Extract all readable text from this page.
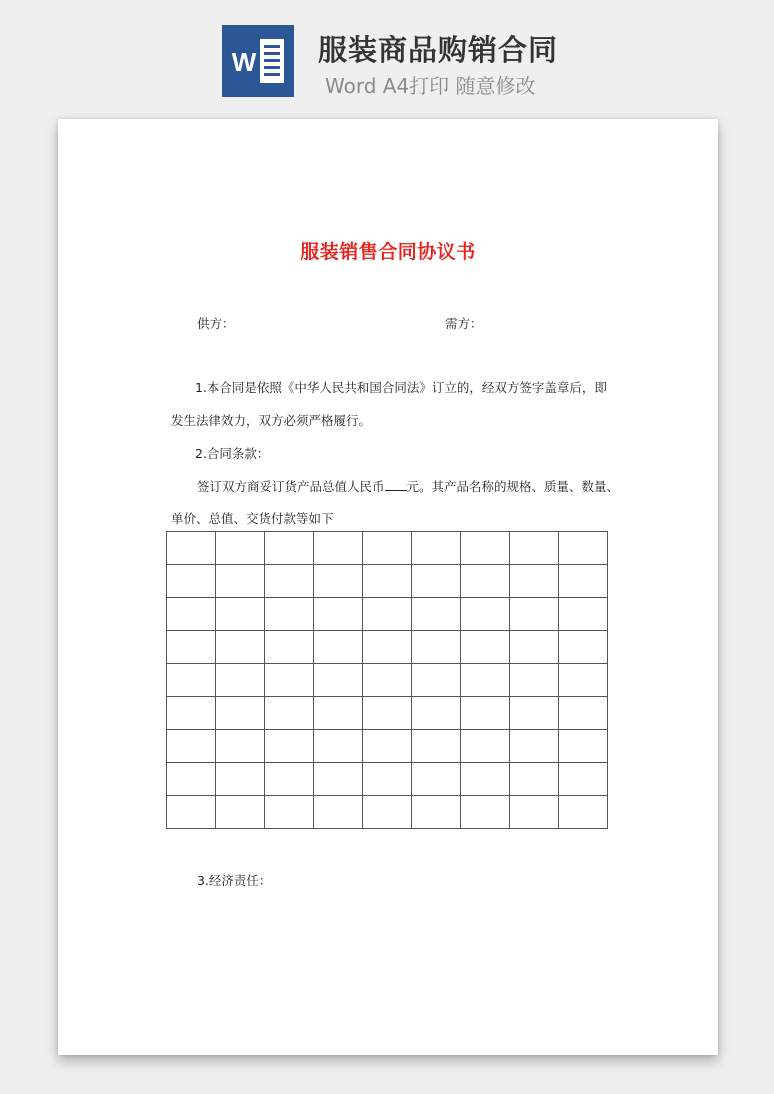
W 服装商品购销合同
Word A4打印 随意修改
服装销售合同协议书
供方：	需方：
1.本合同是依照《中华人民共和国合同法》订立的，经双方签字盖章后，即
发生法律效力，双方必须严格履行。
2.合同条款：
签订双方商妥订货产品总值人民币 元。其产品名称的规格、质量、数量、
单价、总值、交货付款等如下

3.经济责任：
